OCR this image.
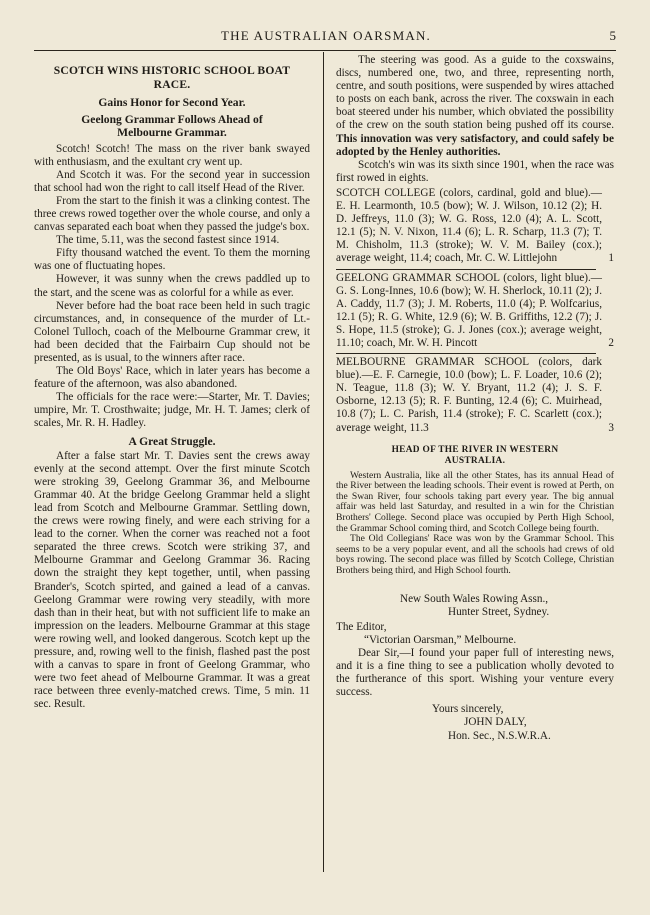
THE AUSTRALIAN OARSMAN.	5
SCOTCH WINS HISTORIC SCHOOL BOAT RACE.
Gains Honor for Second Year.
Geelong Grammar Follows Ahead of Melbourne Grammar.

Scotch! Scotch! The mass on the river bank swayed with enthusiasm, and the exultant cry went up.

And Scotch it was. For the second year in succession that school had won the right to call itself Head of the River.

From the start to the finish it was a clinking contest. The three crews rowed together over the whole course, and only a canvas separated each boat when they passed the judge's box.

The time, 5.11, was the second fastest since 1914.

Fifty thousand watched the event. To them the morning was one of fluctuating hopes.

However, it was sunny when the crews paddled up to the start, and the scene was as colorful for a while as ever.

Never before had the boat race been held in such tragic circumstances, and, in consequence of the murder of Lt.-Colonel Tulloch, coach of the Melbourne Grammar crew, it had been decided that the Fairbairn Cup should not be presented, as is usual, to the winners after race.

The Old Boys' Race, which in later years has become a feature of the afternoon, was also abandoned.

The officials for the race were:—Starter, Mr. T. Davies; umpire, Mr. T. Crosthwaite; judge, Mr. H. T. James; clerk of scales, Mr. R. H. Hadley.

A Great Struggle.

After a false start Mr. T. Davies sent the crews away evenly at the second attempt. Over the first minute Scotch were stroking 39, Geelong Grammar 36, and Melbourne Grammar 40. At the bridge Geelong Grammar held a slight lead from Scotch and Melbourne Grammar. Settling down, the crews were rowing finely, and were each striving for a lead to the corner. When the corner was reached not a foot separated the three crews. Scotch were striking 37, and Melbourne Grammar and Geelong Grammar 36. Racing down the straight they kept together, until, when passing Brander's, Scotch spirted, and gained a lead of a canvas. Geelong Grammar were rowing very steadily, with more dash than in their heat, but with not sufficient life to make an impression on the leaders. Melbourne Grammar at this stage were rowing well, and looked dangerous. Scotch kept up the pressure, and, rowing well to the finish, flashed past the post with a canvas to spare in front of Geelong Grammar, who were two feet ahead of Melbourne Grammar. It was a great race between three evenly-matched crews. Time, 5 min. 11 sec. Result.

The steering was good. As a guide to the coxswains, discs, numbered one, two, and three, representing north, centre, and south positions, were suspended by wires attached to posts on each bank, across the river. The coxswain in each boat steered under his number, which obviated the possibility of the crew on the south station being pushed off its course. This innovation was very satisfactory, and could safely be adopted by the Henley authorities.

Scotch's win was its sixth since 1901, when the race was first rowed in eights.

SCOTCH COLLEGE (colors, cardinal, gold and blue).—E. H. Learmonth, 10.5 (bow); W. J. Wilson, 10.12 (2); H. D. Jeffreys, 11.0 (3); W. G. Ross, 12.0 (4); A. L. Scott, 12.1 (5); N. V. Nixon, 11.4 (6); L. R. Scharp, 11.3 (7); T. M. Chisholm, 11.3 (stroke); W. V. M. Bailey (cox.); average weight, 11.4; coach, Mr. C. W. Littlejohn	1

GEELONG GRAMMAR SCHOOL (colors, light blue).—G. S. Long-Innes, 10.6 (bow); W. H. Sherlock, 10.11 (2); J. A. Caddy, 11.7 (3); J. M. Roberts, 11.0 (4); P. Wolfcarius, 12.1 (5); R. G. White, 12.9 (6); W. B. Griffiths, 12.2 (7); J. S. Hope, 11.5 (stroke); G. J. Jones (cox.); average weight, 11.10; coach, Mr. W. H. Pincott	2

MELBOURNE GRAMMAR SCHOOL (colors, dark blue).—E. F. Carnegie, 10.0 (bow); L. F. Loader, 10.6 (2); N. Teague, 11.8 (3); W. Y. Bryant, 11.2 (4); J. S. F. Osborne, 12.13 (5); R. F. Bunting, 12.4 (6); C. Muirhead, 10.8 (7); L. C. Parish, 11.4 (stroke); F. C. Scarlett (cox.); average weight, 11.3	3
HEAD OF THE RIVER IN WESTERN AUSTRALIA.

Western Australia, like all the other States, has its annual Head of the River between the leading schools. Their event is rowed at Perth, on the Swan River, four schools taking part every year. The big annual affair was held last Saturday, and resulted in a win for the Christian Brothers' College. Second place was occupied by Perth High School, the Grammar School coming third, and Scotch College being fourth.

The Old Collegians' Race was won by the Grammar School. This seems to be a very popular event, and all the schools had crews of old boys rowing. The second place was filled by Scotch College, Christian Brothers being third, and High School fourth.

New South Wales Rowing Assn.,
Hunter Street, Sydney.
The Editor,
“Victorian Oarsman,” Melbourne.

Dear Sir,—I found your paper full of interesting news, and it is a fine thing to see a publication wholly devoted to the furtherance of this sport. Wishing your venture every success.

Yours sincerely,
JOHN DALY,
Hon. Sec., N.S.W.R.A.
